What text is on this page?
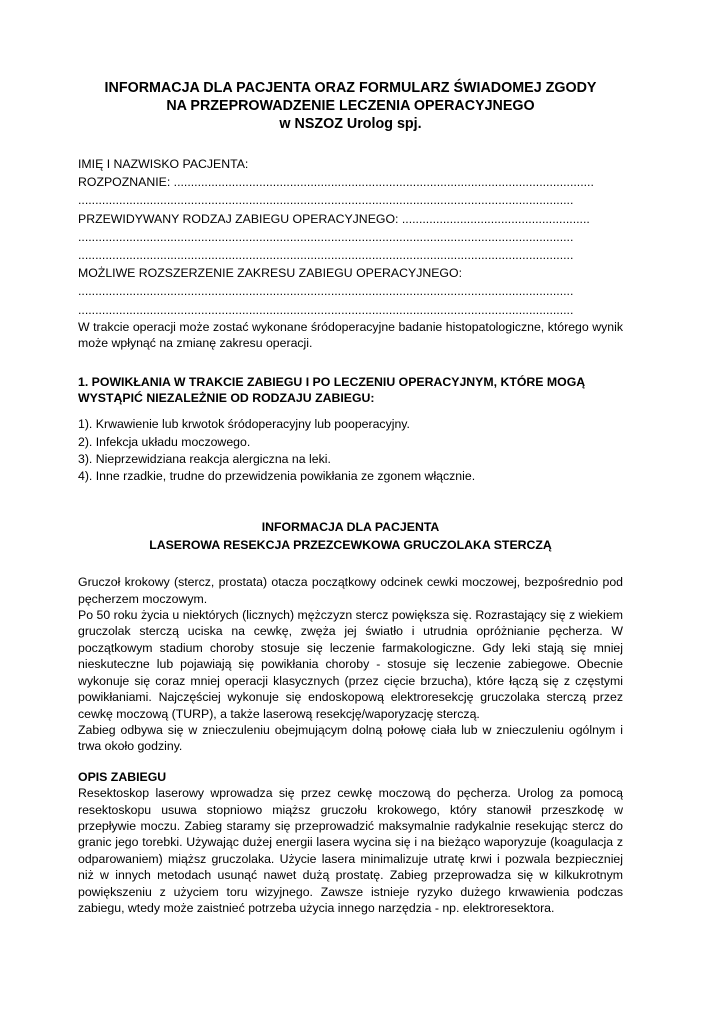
INFORMACJA DLA PACJENTA ORAZ FORMULARZ ŚWIADOMEJ ZGODY

NA PRZEPROWADZENIE LECZENIA OPERACYJNEGO

w NSZOZ Urolog spj.

IMIĘ I NAZWISKO PACJENTA:

ROZPOZNANIE: ...........................................................................................................................

.................................................................................................................................................

PRZEWIDYWANY RODZAJ ZABIEGU OPERACYJNEGO: .......................................................

.................................................................................................................................................

.................................................................................................................................................

MOŻLIWE ROZSZERZENIE ZAKRESU ZABIEGU OPERACYJNEGO:

.................................................................................................................................................

.................................................................................................................................................

W trakcie operacji może zostać wykonane śródoperacyjne badanie histopatologiczne, którego wynik może wpłynąć na zmianę zakresu operacji.

1. POWIKŁANIA W TRAKCIE ZABIEGU I PO LECZENIU OPERACYJNYM, KTÓRE MOGĄ WYSTĄPIĆ NIEZALEŻNIE OD RODZAJU ZABIEGU:

1). Krwawienie lub krwotok śródoperacyjny lub pooperacyjny.

2). Infekcja układu moczowego.

3). Nieprzewidziana reakcja alergiczna na leki.

4). Inne rzadkie, trudne do przewidzenia powikłania ze zgonem włącznie.

INFORMACJA DLA PACJENTA

LASEROWA RESEKCJA PRZEZCEWKOWA GRUCZOLAKA STERCZĄ

Gruczoł krokowy (stercz, prostata) otacza początkowy odcinek cewki moczowej, bezpośrednio pod pęcherzem moczowym.

Po 50 roku życia u niektórych (licznych) mężczyzn stercz powiększa się. Rozrastający się z wiekiem gruczolak sterczą uciska na cewkę, zwęża jej światło i utrudnia opróżnianie pęcherza. W początkowym stadium choroby stosuje się leczenie farmakologiczne. Gdy leki stają się mniej nieskuteczne lub pojawiają się powikłania choroby - stosuje się leczenie zabiegowe. Obecnie wykonuje się coraz mniej operacji klasycznych (przez cięcie brzucha), które łączą się z częstymi powikłaniami. Najczęściej wykonuje się endoskopową elektroresekcję gruczolaka sterczą przez cewkę moczową (TURP), a także laserową resekcję/waporyzację sterczą.

Zabieg odbywa się w znieczuleniu obejmującym dolną połowę ciała lub w znieczuleniu ogólnym i trwa około godziny.

OPIS ZABIEGU

Resektoskop laserowy wprowadza się przez cewkę moczową do pęcherza. Urolog za pomocą resektoskopu usuwa stopniowo miąższ gruczołu krokowego, który stanowił przeszkodę w przepływie moczu. Zabieg staramy się przeprowadzić maksymalnie radykalnie resekując stercz do granic jego torebki. Używając dużej energii lasera wycina się i na bieżąco waporyzuje (koagulacja z odparowaniem) miąższ gruczolaka. Użycie lasera minimalizuje utratę krwi i pozwala bezpieczniej niż w innych metodach usunąć nawet dużą prostatę. Zabieg przeprowadza się w kilkukrotnym powiększeniu z użyciem toru wizyjnego. Zawsze istnieje ryzyko dużego krwawienia podczas zabiegu, wtedy może zaistnieć potrzeba użycia innego narzędzia - np. elektroresektora.
